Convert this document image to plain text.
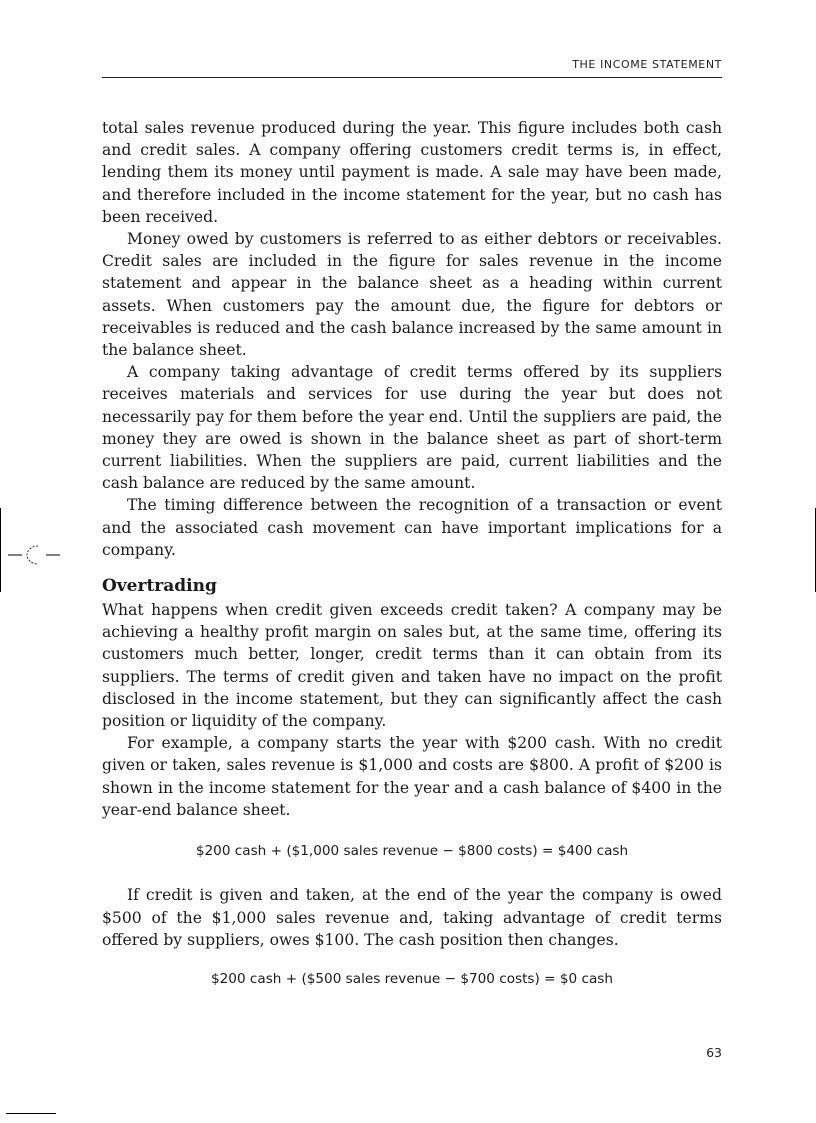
THE INCOME STATEMENT

total sales revenue produced during the year. This figure includes both cash and credit sales. A company offering customers credit terms is, in effect, lending them its money until payment is made. A sale may have been made, and therefore included in the income statement for the year, but no cash has been received.

Money owed by customers is referred to as either debtors or receivables. Credit sales are included in the figure for sales revenue in the income statement and appear in the balance sheet as a heading within current assets. When customers pay the amount due, the figure for debtors or receivables is reduced and the cash balance increased by the same amount in the balance sheet.

A company taking advantage of credit terms offered by its suppliers receives materials and services for use during the year but does not necessarily pay for them before the year end. Until the suppliers are paid, the money they are owed is shown in the balance sheet as part of short-term current liabilities. When the suppliers are paid, current liabilities and the cash balance are reduced by the same amount.

The timing difference between the recognition of a transaction or event and the associated cash movement can have important implications for a company.

Overtrading

What happens when credit given exceeds credit taken? A company may be achieving a healthy profit margin on sales but, at the same time, offering its customers much better, longer, credit terms than it can obtain from its suppliers. The terms of credit given and taken have no impact on the profit disclosed in the income statement, but they can significantly affect the cash position or liquidity of the company.

For example, a company starts the year with $200 cash. With no credit given or taken, sales revenue is $1,000 and costs are $800. A profit of $200 is shown in the income statement for the year and a cash balance of $400 in the year-end balance sheet.

$200 cash + ($1,000 sales revenue − $800 costs) = $400 cash

If credit is given and taken, at the end of the year the company is owed $500 of the $1,000 sales revenue and, taking advantage of credit terms offered by suppliers, owes $100. The cash position then changes.

$200 cash + ($500 sales revenue − $700 costs) = $0 cash
63
